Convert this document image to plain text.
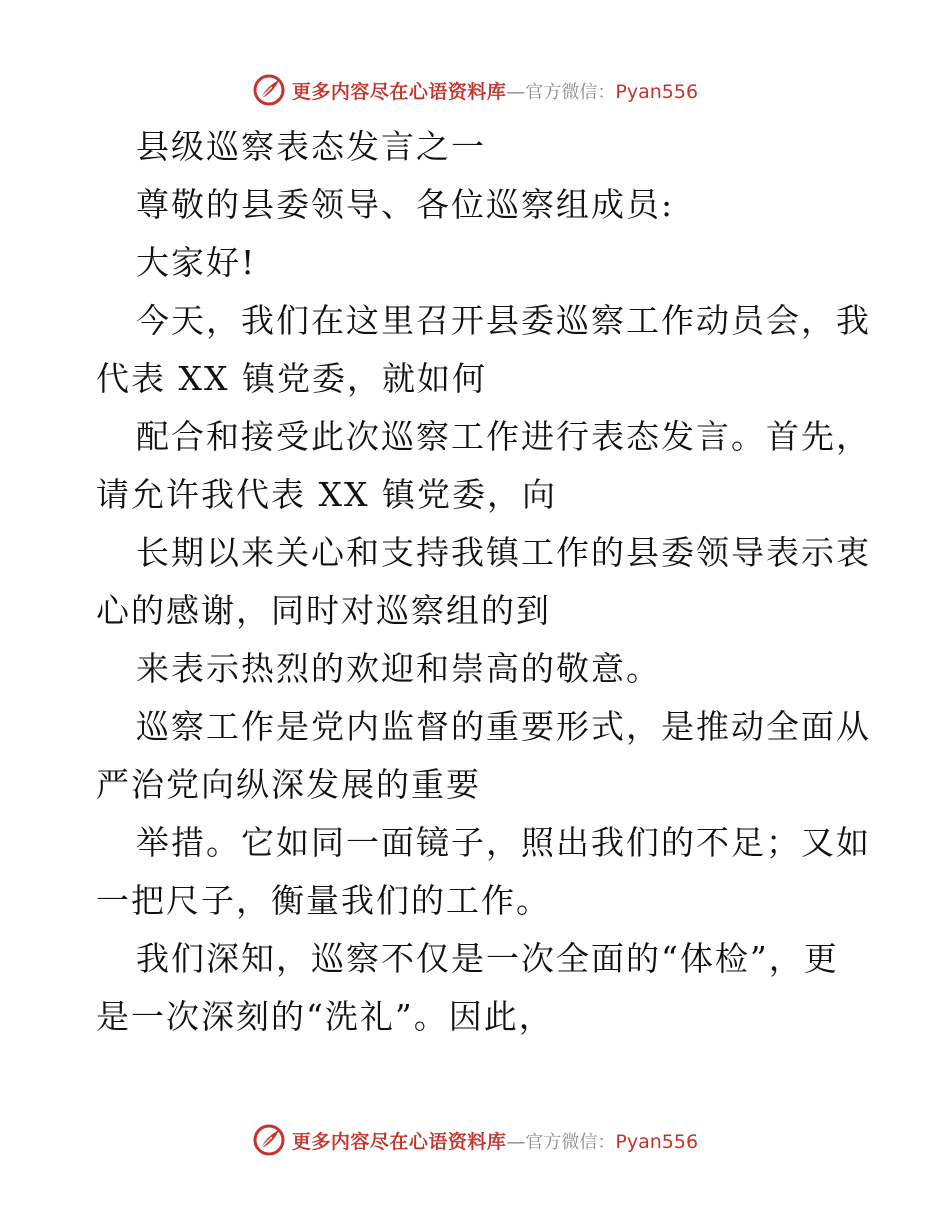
更多内容尽在心语资料库 — 官方微信： Pyan556

县级巡察表态发言之一

尊敬的县委领导、各位巡察组成员:

大家好!

今天，我们在这里召开县委巡察工作动员会，我
代表 XX 镇党委，就如何

配合和接受此次巡察工作进行表态发言。首先，
请允许我代表 XX 镇党委，向

长期以来关心和支持我镇工作的县委领导表示衷
心的感谢，同时对巡察组的到

来表示热烈的欢迎和崇高的敬意。

巡察工作是党内监督的重要形式，是推动全面从
严治党向纵深发展的重要

举措。它如同一面镜子，照出我们的不足；又如
一把尺子，衡量我们的工作。

我们深知，巡察不仅是一次全面的“体检”，更
是一次深刻的“洗礼”。因此，

更多内容尽在心语资料库 — 官方微信： Pyan556
